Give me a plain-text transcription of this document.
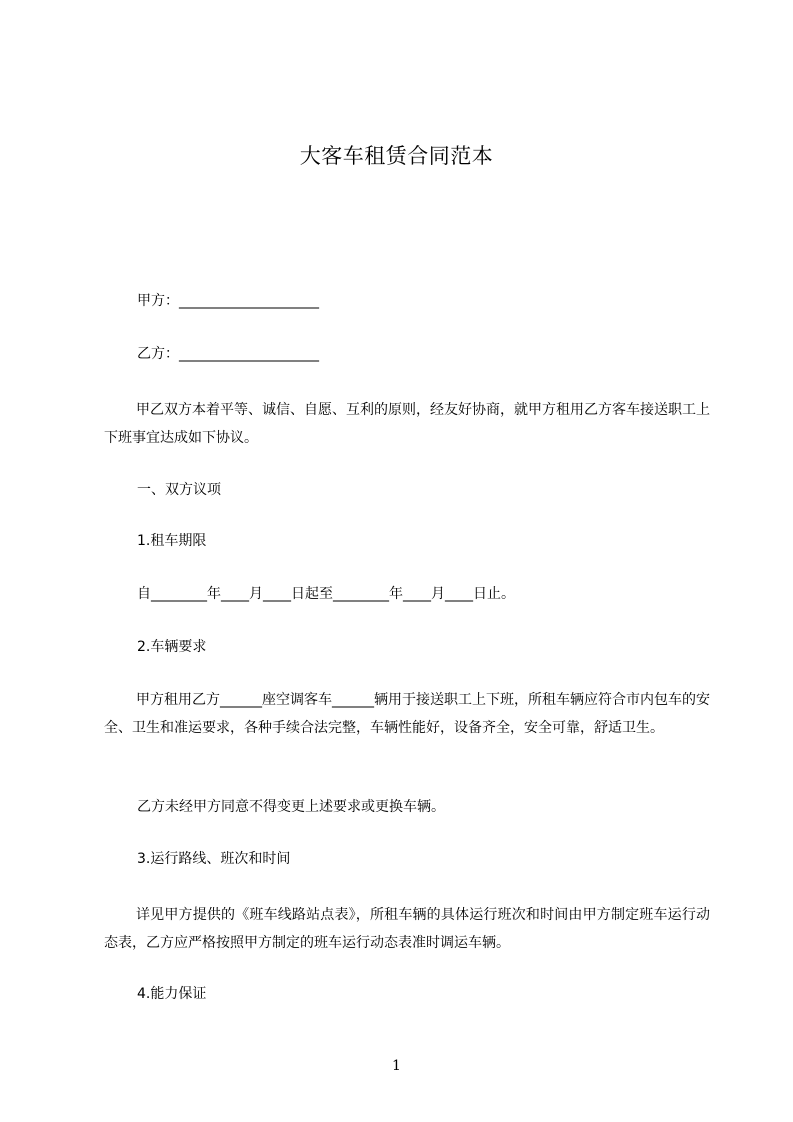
大客车租赁合同范本
甲方：____________________
乙方：____________________
甲乙双方本着平等、诚信、自愿、互利的原则，经友好协商，就甲方租用乙方客车接送职工上下班事宜达成如下协议。
一、双方议项
1.租车期限
自________年____月____日起至________年____月____日止。
2.车辆要求
甲方租用乙方______座空调客车______辆用于接送职工上下班，所租车辆应符合市内包车的安全、卫生和准运要求，各种手续合法完整，车辆性能好，设备齐全，安全可靠，舒适卫生。
乙方未经甲方同意不得变更上述要求或更换车辆。
3.运行路线、班次和时间
详见甲方提供的《班车线路站点表》，所租车辆的具体运行班次和时间由甲方制定班车运行动态表，乙方应严格按照甲方制定的班车运行动态表准时调运车辆。
4.能力保证
1
